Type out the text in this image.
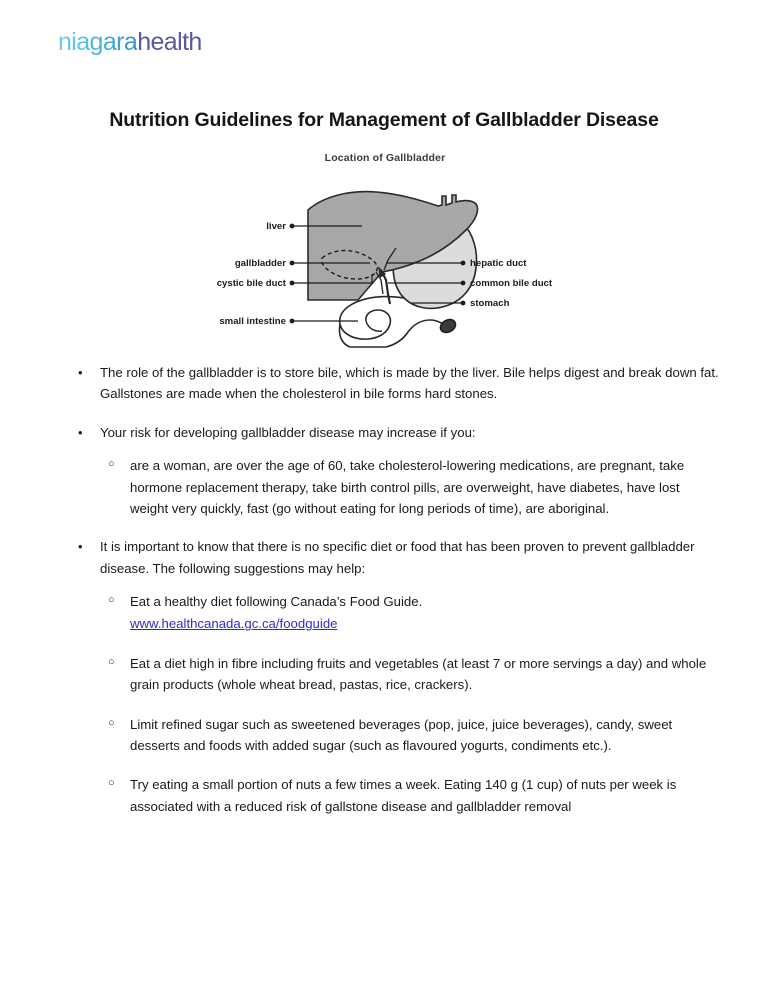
niagarahealth
Nutrition Guidelines for Management of Gallbladder Disease
Location of Gallbladder
liver
gallbladder
cystic bile duct
small intestine
hepatic duct
common bile duct
stomach
• The role of the gallbladder is to store bile, which is made by the liver. Bile helps digest and break down fat. Gallstones are made when the cholesterol in bile forms hard stones.
• Your risk for developing gallbladder disease may increase if you:
○ are a woman, are over the age of 60, take cholesterol-lowering medications, are pregnant, take hormone replacement therapy, take birth control pills, are overweight, have diabetes, have lost weight very quickly, fast (go without eating for long periods of time), are aboriginal.
• It is important to know that there is no specific diet or food that has been proven to prevent gallbladder disease. The following suggestions may help:
○ Eat a healthy diet following Canada’s Food Guide.
www.healthcanada.gc.ca/foodguide
○ Eat a diet high in fibre including fruits and vegetables (at least 7 or more servings a day) and whole grain products (whole wheat bread, pastas, rice, crackers).
○ Limit refined sugar such as sweetened beverages (pop, juice, juice beverages), candy, sweet desserts and foods with added sugar (such as flavoured yogurts, condiments etc.).
○ Try eating a small portion of nuts a few times a week. Eating 140 g (1 cup) of nuts per week is associated with a reduced risk of gallstone disease and gallbladder removal
